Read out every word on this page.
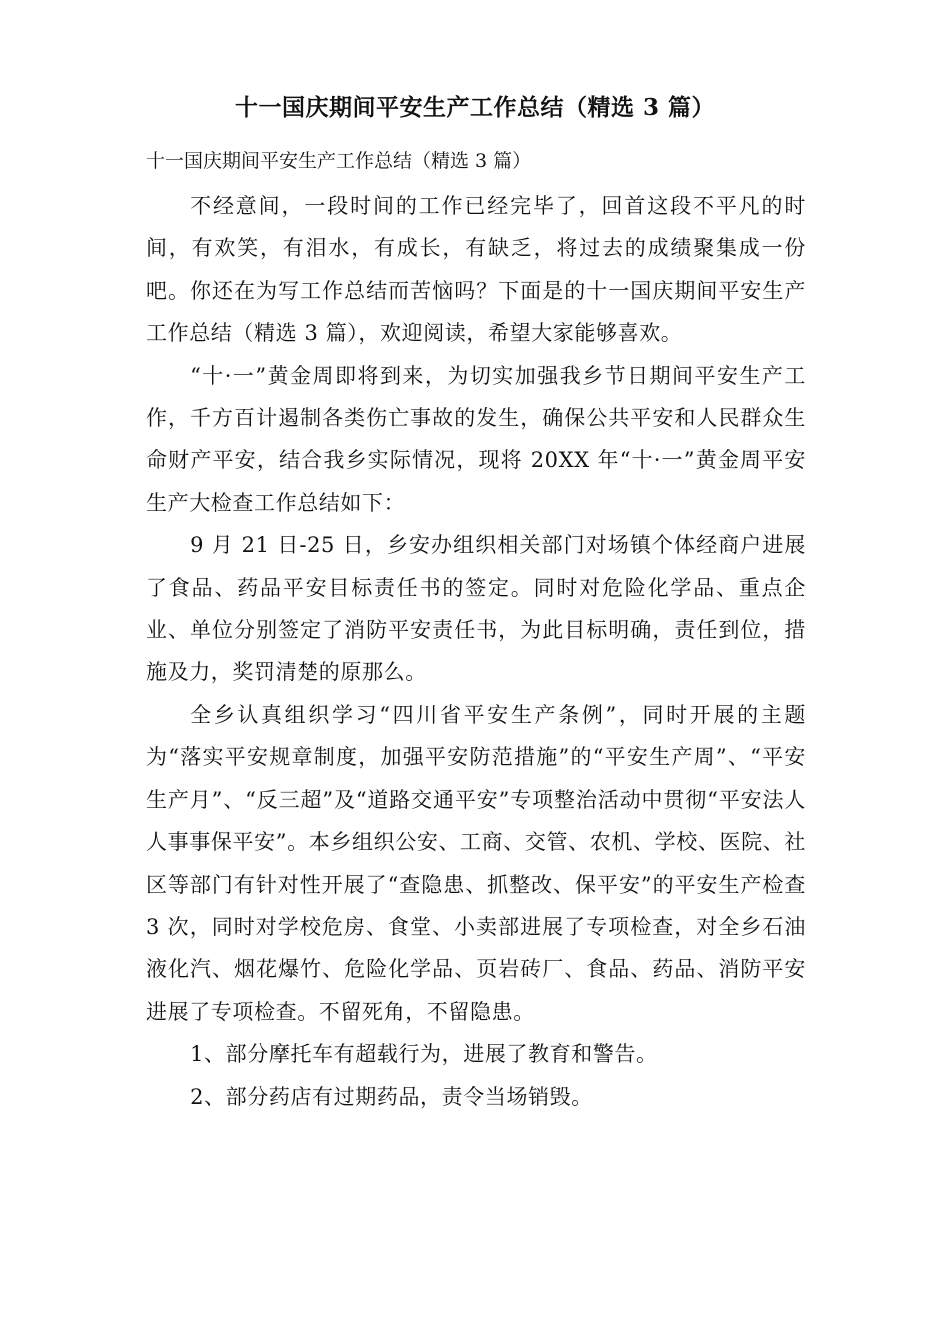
十一国庆期间平安生产工作总结（精选 3 篇）
十一国庆期间平安生产工作总结（精选 3 篇）

不经意间，一段时间的工作已经完毕了，回首这段不平凡的时间，有欢笑，有泪水，有成长，有缺乏，将过去的成绩聚集成一份吧。你还在为写工作总结而苦恼吗？下面是的十一国庆期间平安生产工作总结（精选 3 篇），欢迎阅读，希望大家能够喜欢。

“十·一”黄金周即将到来，为切实加强我乡节日期间平安生产工作，千方百计遏制各类伤亡事故的发生，确保公共平安和人民群众生命财产平安，结合我乡实际情况，现将 20XX 年“十·一”黄金周平安生产大检查工作总结如下：

9 月 21 日-25 日，乡安办组织相关部门对场镇个体经商户进展了食品、药品平安目标责任书的签定。同时对危险化学品、重点企业、单位分别签定了消防平安责任书，为此目标明确，责任到位，措施及力，奖罚清楚的原那么。

全乡认真组织学习“四川省平安生产条例”，同时开展的主题为“落实平安规章制度，加强平安防范措施”的“平安生产周”、“平安生产月”、“反三超”及“道路交通平安”专项整治活动中贯彻“平安法人人事事保平安”。本乡组织公安、工商、交管、农机、学校、医院、社区等部门有针对性开展了“查隐患、抓整改、保平安”的平安生产检查 3 次，同时对学校危房、食堂、小卖部进展了专项检查，对全乡石油液化汽、烟花爆竹、危险化学品、页岩砖厂、食品、药品、消防平安进展了专项检查。不留死角，不留隐患。

1、部分摩托车有超载行为，进展了教育和警告。

2、部分药店有过期药品，责令当场销毁。
